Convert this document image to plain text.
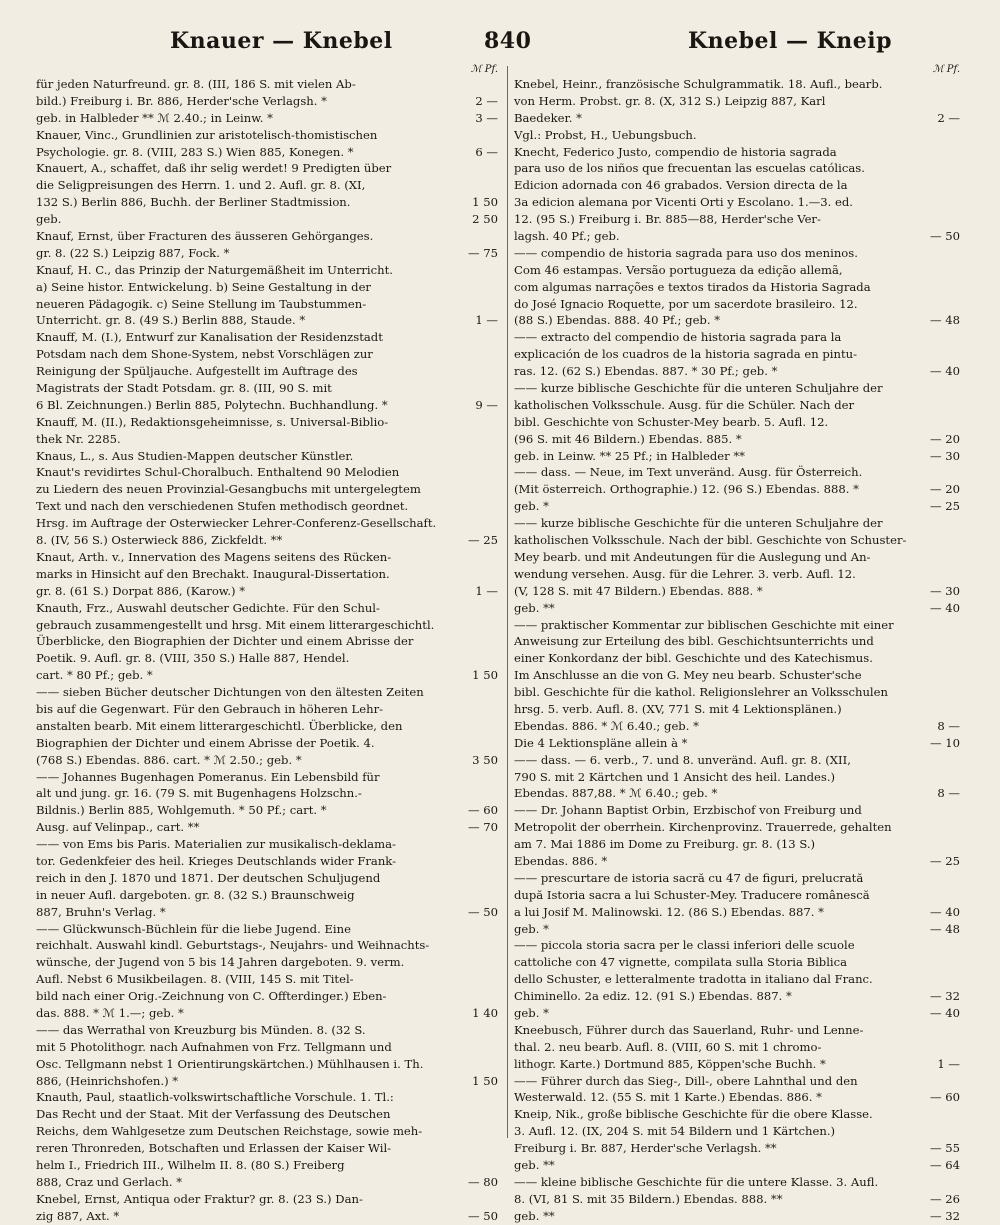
Knauer — Knebel	840	Knebel — Kneip
ℳ Pf.
für jeden Naturfreund. gr. 8. (III, 186 S. mit vielen Ab-
bild.) Freiburg i. Br. 886, Herder'sche Verlagsh. *	2 —
geb. in Halbleder ** ℳ 2.40.; in Leinw. *	3 —
Knauer, Vinc., Grundlinien zur aristotelisch-thomistischen
Psychologie. gr. 8. (VIII, 283 S.) Wien 885, Konegen. *	6 —
Knauert, A., schaffet, daß ihr selig werdet! 9 Predigten über
die Seligpreisungen des Herrn. 1. und 2. Aufl. gr. 8. (XI,
132 S.) Berlin 886, Buchh. der Berliner Stadtmission.	1 50
geb.	2 50
Knauf, Ernst, über Fracturen des äusseren Gehörganges.
gr. 8. (22 S.) Leipzig 887, Fock. *	— 75
Knauf, H. C., das Prinzip der Naturgemäßheit im Unterricht.
a) Seine histor. Entwickelung. b) Seine Gestaltung in der
neueren Pädagogik. c) Seine Stellung im Taubstummen-
Unterricht. gr. 8. (49 S.) Berlin 888, Staude. *	1 —
Knauff, M. (I.), Entwurf zur Kanalisation der Residenzstadt
Potsdam nach dem Shone-System, nebst Vorschlägen zur
Reinigung der Spüljauche. Aufgestellt im Auftrage des
Magistrats der Stadt Potsdam. gr. 8. (III, 90 S. mit
6 Bl. Zeichnungen.) Berlin 885, Polytechn. Buchhandlung. *	9 —
Knauff, M. (II.), Redaktionsgeheimnisse, s. Universal-Biblio-
thek Nr. 2285.
Knaus, L., s. Aus Studien-Mappen deutscher Künstler.
Knaut's revidirtes Schul-Choralbuch. Enthaltend 90 Melodien
zu Liedern des neuen Provinzial-Gesangbuchs mit untergelegtem
Text und nach den verschiedenen Stufen methodisch geordnet.
Hrsg. im Auftrage der Osterwiecker Lehrer-Conferenz-Gesellschaft.
8. (IV, 56 S.) Osterwieck 886, Zickfeldt. **	— 25
Knaut, Arth. v., Innervation des Magens seitens des Rücken-
marks in Hinsicht auf den Brechakt. Inaugural-Dissertation.
gr. 8. (61 S.) Dorpat 886, (Karow.) *	1 —
Knauth, Frz., Auswahl deutscher Gedichte. Für den Schul-
gebrauch zusammengestellt und hrsg. Mit einem litterargeschichtl.
Überblicke, den Biographien der Dichter und einem Abrisse der
Poetik. 9. Aufl. gr. 8. (VIII, 350 S.) Halle 887, Hendel.
cart. * 80 Pf.; geb. *	1 50
—— sieben Bücher deutscher Dichtungen von den ältesten Zeiten
bis auf die Gegenwart. Für den Gebrauch in höheren Lehr-
anstalten bearb. Mit einem litterargeschichtl. Überblicke, den
Biographien der Dichter und einem Abrisse der Poetik. 4.
(768 S.) Ebendas. 886. cart. * ℳ 2.50.; geb. *	3 50
—— Johannes Bugenhagen Pomeranus. Ein Lebensbild für
alt und jung. gr. 16. (79 S. mit Bugenhagens Holzschn.-
Bildnis.) Berlin 885, Wohlgemuth. * 50 Pf.; cart. *	— 60
Ausg. auf Velinpap., cart. **	— 70
—— von Ems bis Paris. Materialien zur musikalisch-deklama-
tor. Gedenkfeier des heil. Krieges Deutschlands wider Frank-
reich in den J. 1870 und 1871. Der deutschen Schuljugend
in neuer Aufl. dargeboten. gr. 8. (32 S.) Braunschweig
887, Bruhn's Verlag. *	— 50
—— Glückwunsch-Büchlein für die liebe Jugend. Eine
reichhalt. Auswahl kindl. Geburtstags-, Neujahrs- und Weihnachts-
wünsche, der Jugend von 5 bis 14 Jahren dargeboten. 9. verm.
Aufl. Nebst 6 Musikbeilagen. 8. (VIII, 145 S. mit Titel-
bild nach einer Orig.-Zeichnung von C. Offterdinger.) Eben-
das. 888. * ℳ 1.—; geb. *	1 40
—— das Werrathal von Kreuzburg bis Münden. 8. (32 S.
mit 5 Photolithogr. nach Aufnahmen von Frz. Tellgmann und
Osc. Tellgmann nebst 1 Orientirungskärtchen.) Mühlhausen i. Th.
886, (Heinrichshofen.) *	1 50
Knauth, Paul, staatlich-volkswirtschaftliche Vorschule. 1. Tl.:
Das Recht und der Staat. Mit der Verfassung des Deutschen
Reichs, dem Wahlgesetze zum Deutschen Reichstage, sowie meh-
reren Thronreden, Botschaften und Erlassen der Kaiser Wil-
helm I., Friedrich III., Wilhelm II. 8. (80 S.) Freiberg
888, Craz und Gerlach. *	— 80
Knebel, Ernst, Antiqua oder Fraktur? gr. 8. (23 S.) Dan-
zig 887, Axt. *	— 50
ℳ Pf.
Knebel, Heinr., französische Schulgrammatik. 18. Aufl., bearb.
von Herm. Probst. gr. 8. (X, 312 S.) Leipzig 887, Karl
Baedeker. *	2 —
Vgl.: Probst, H., Uebungsbuch.
Knecht, Federico Justo, compendio de historia sagrada
para uso de los niños que frecuentan las escuelas católicas.
Edicion adornada con 46 grabados. Version directa de la
3a edicion alemana por Vicenti Orti y Escolano. 1.—3. ed.
12. (95 S.) Freiburg i. Br. 885—88, Herder'sche Ver-
lagsh. 40 Pf.; geb.	— 50
—— compendio de historia sagrada para uso dos meninos.
Com 46 estampas. Versão portugueza da edição allemã,
com algumas narrações e textos tirados da Historia Sagrada
do José Ignacio Roquette, por um sacerdote brasileiro. 12.
(88 S.) Ebendas. 888. 40 Pf.; geb. *	— 48
—— extracto del compendio de historia sagrada para la
explicación de los cuadros de la historia sagrada en pintu-
ras. 12. (62 S.) Ebendas. 887. * 30 Pf.; geb. *	— 40
—— kurze biblische Geschichte für die unteren Schuljahre der
katholischen Volksschule. Ausg. für die Schüler. Nach der
bibl. Geschichte von Schuster-Mey bearb. 5. Aufl. 12.
(96 S. mit 46 Bildern.) Ebendas. 885. *	— 20
geb. in Leinw. ** 25 Pf.; in Halbleder **	— 30
—— dass. — Neue, im Text unveränd. Ausg. für Österreich.
(Mit österreich. Orthographie.) 12. (96 S.) Ebendas. 888. *	— 20
geb. *	— 25
—— kurze biblische Geschichte für die unteren Schuljahre der
katholischen Volksschule. Nach der bibl. Geschichte von Schuster-
Mey bearb. und mit Andeutungen für die Auslegung und An-
wendung versehen. Ausg. für die Lehrer. 3. verb. Aufl. 12.
(V, 128 S. mit 47 Bildern.) Ebendas. 888. *	— 30
geb. **	— 40
—— praktischer Kommentar zur biblischen Geschichte mit einer
Anweisung zur Erteilung des bibl. Geschichtsunterrichts und
einer Konkordanz der bibl. Geschichte und des Katechismus.
Im Anschlusse an die von G. Mey neu bearb. Schuster'sche
bibl. Geschichte für die kathol. Religionslehrer an Volksschulen
hrsg. 5. verb. Aufl. 8. (XV, 771 S. mit 4 Lektionsplänen.)
Ebendas. 886. * ℳ 6.40.; geb. *	8 —
Die 4 Lektionspläne allein à *	— 10
—— dass. — 6. verb., 7. und 8. unveränd. Aufl. gr. 8. (XII,
790 S. mit 2 Kärtchen und 1 Ansicht des heil. Landes.)
Ebendas. 887,88. * ℳ 6.40.; geb. *	8 —
—— Dr. Johann Baptist Orbin, Erzbischof von Freiburg und
Metropolit der oberrhein. Kirchenprovinz. Trauerrede, gehalten
am 7. Mai 1886 im Dome zu Freiburg. gr. 8. (13 S.)
Ebendas. 886. *	— 25
—— prescurtare de istoria sacră cu 47 de figuri, prelucrată
după Istoria sacra a lui Schuster-Mey. Traducere românescă
a lui Josif M. Malinowski. 12. (86 S.) Ebendas. 887. *	— 40
geb. *	— 48
—— piccola storia sacra per le classi inferiori delle scuole
cattoliche con 47 vignette, compilata sulla Storia Biblica
dello Schuster, e letteralmente tradotta in italiano dal Franc.
Chiminello. 2a ediz. 12. (91 S.) Ebendas. 887. *	— 32
geb. *	— 40
Kneebusch, Führer durch das Sauerland, Ruhr- und Lenne-
thal. 2. neu bearb. Aufl. 8. (VIII, 60 S. mit 1 chromo-
lithogr. Karte.) Dortmund 885, Köppen'sche Buchh. *	1 —
—— Führer durch das Sieg-, Dill-, obere Lahnthal und den
Westerwald. 12. (55 S. mit 1 Karte.) Ebendas. 886. *	— 60
Kneip, Nik., große biblische Geschichte für die obere Klasse.
3. Aufl. 12. (IX, 204 S. mit 54 Bildern und 1 Kärtchen.)
Freiburg i. Br. 887, Herder'sche Verlagsh. **	— 55
geb. **	— 64
—— kleine biblische Geschichte für die untere Klasse. 3. Aufl.
8. (VI, 81 S. mit 35 Bildern.) Ebendas. 888. **	— 26
geb. **	— 32
